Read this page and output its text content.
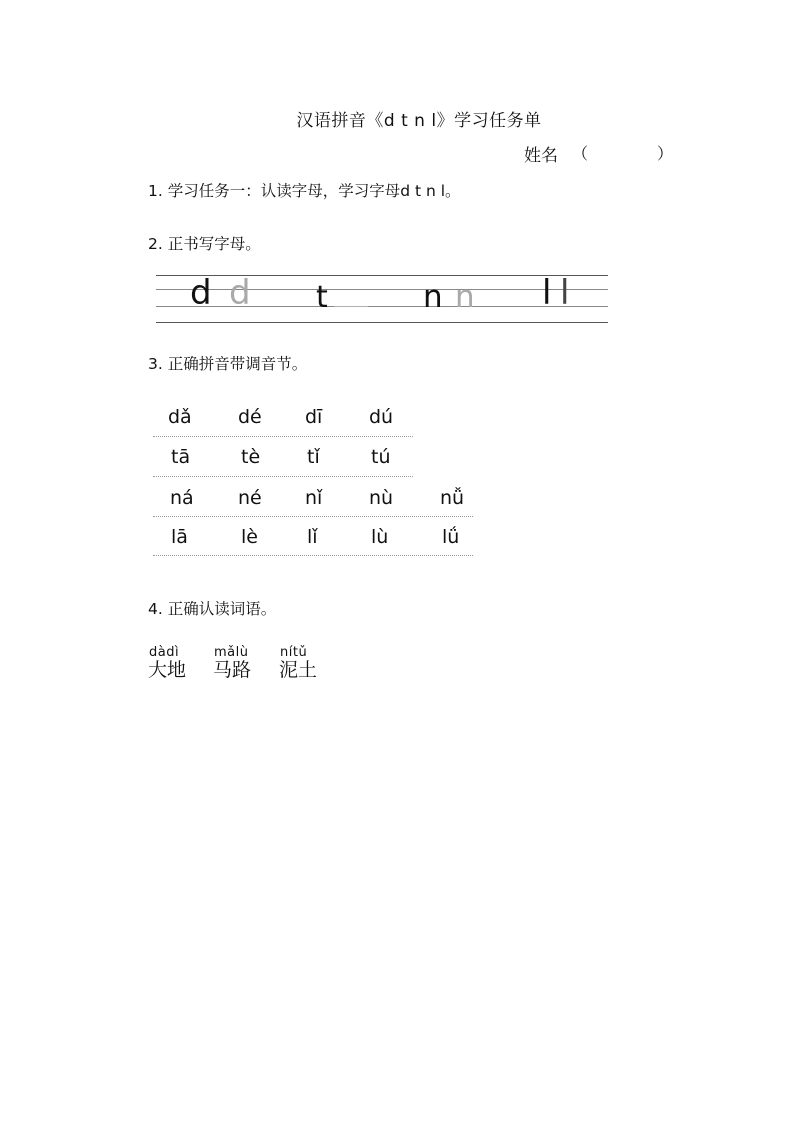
汉语拼音《d t n l》学习任务单
姓名 （	）
1. 学习任务一：认读字母，学习字母d t n l。
2. 正书写字母。
d d t	n n l l
3. 正确拼音带调音节。
dǎ dé dī dú
tā	tè tǐ	tú
ná né nǐ nù nǚ
lā	lè	lǐ	lù	lǘ
4. 正确认读词语。
dàdì
大地
mǎlù
马路
nítǔ
泥土
